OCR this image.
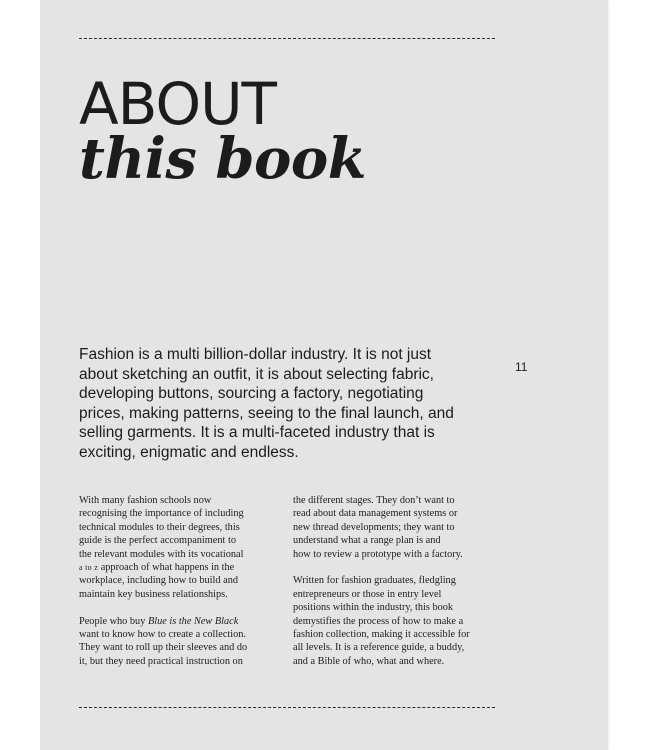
ABOUT
this book
Fashion is a multi billion-dollar industry. It is not just
about sketching an outfit, it is about selecting fabric,
developing buttons, sourcing a factory, negotiating
prices, making patterns, seeing to the final launch, and
selling garments. It is a multi-faceted industry that is
exciting, enigmatic and endless.
11

With many fashion schools now
recognising the importance of including
technical modules to their degrees, this
guide is the perfect accompaniment to
the relevant modules with its vocational
a to z approach of what happens in the
workplace, including how to build and
maintain key business relationships.

People who buy Blue is the New Black
want to know how to create a collection.
They want to roll up their sleeves and do
it, but they need practical instruction on

the different stages. They don’t want to
read about data management systems or
new thread developments; they want to
understand what a range plan is and
how to review a prototype with a factory.

Written for fashion graduates, fledgling
entrepreneurs or those in entry level
positions within the industry, this book
demystifies the process of how to make a
fashion collection, making it accessible for
all levels. It is a reference guide, a buddy,
and a Bible of who, what and where.
